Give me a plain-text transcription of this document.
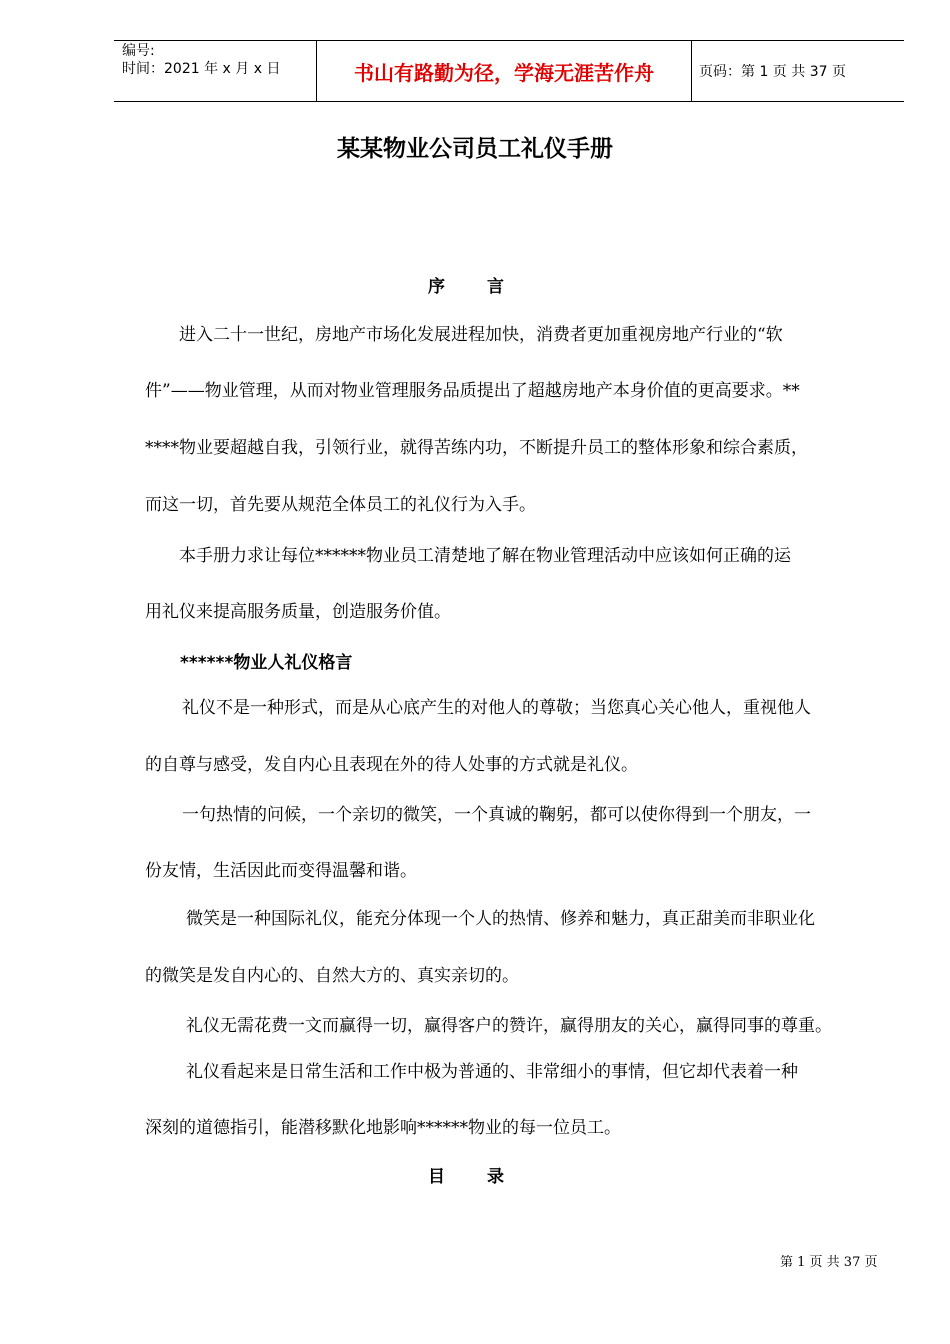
编号:
时间：2021 年 x 月 x 日	书山有路勤为径，学海无涯苦作舟	页码：第 1 页 共 37 页
某某物业公司员工礼仪手册
序 言
进入二十一世纪，房地产市场化发展进程加快，消费者更加重视房地产行业的“软
件”——物业管理，从而对物业管理服务品质提出了超越房地产本身价值的更高要求。**
****物业要超越自我，引领行业，就得苦练内功，不断提升员工的整体形象和综合素质，
而这一切，首先要从规范全体员工的礼仪行为入手。
本手册力求让每位******物业员工清楚地了解在物业管理活动中应该如何正确的运
用礼仪来提高服务质量，创造服务价值。
******物业人礼仪格言
礼仪不是一种形式，而是从心底产生的对他人的尊敬；当您真心关心他人，重视他人
的自尊与感受，发自内心且表现在外的待人处事的方式就是礼仪。
一句热情的问候，一个亲切的微笑，一个真诚的鞠躬，都可以使你得到一个朋友，一
份友情，生活因此而变得温馨和谐。
微笑是一种国际礼仪，能充分体现一个人的热情、修养和魅力，真正甜美而非职业化
的微笑是发自内心的、自然大方的、真实亲切的。
礼仪无需花费一文而赢得一切，赢得客户的赞许，赢得朋友的关心，赢得同事的尊重。
礼仪看起来是日常生活和工作中极为普通的、非常细小的事情，但它却代表着一种
深刻的道德指引，能潜移默化地影响******物业的每一位员工。
目 录
第 1 页 共 37 页
